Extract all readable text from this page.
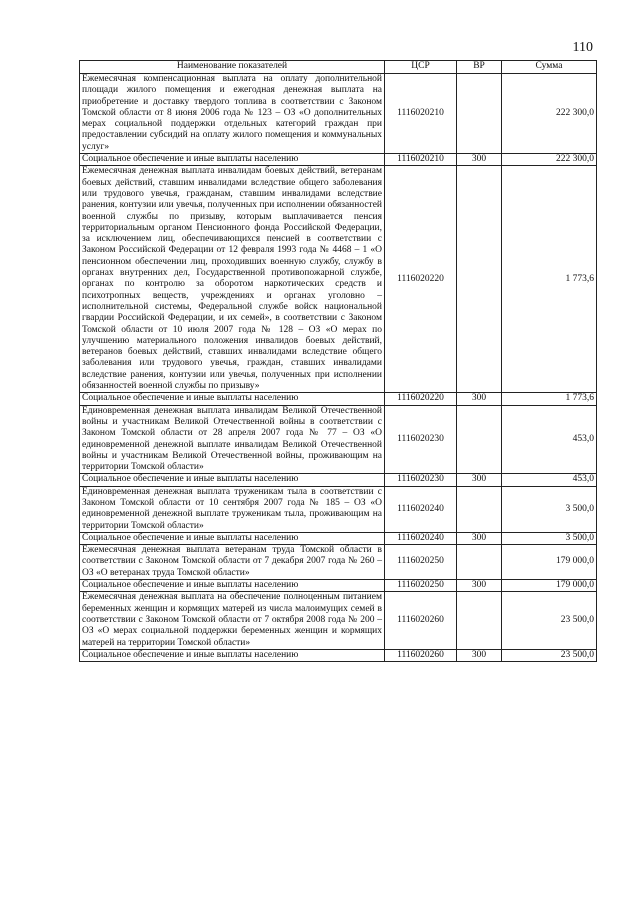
110
Наименование показателей	ЦСР	ВР	Сумма
Ежемесячная компенсационная выплата на оплату дополнительной площади жилого помещения и ежегодная денежная выплата на приобретение и доставку твердого топлива в соответствии с Законом Томской области от 8 июня 2006 года № 123 – ОЗ «О дополнительных мерах социальной поддержки отдельных категорий граждан при предоставлении субсидий на оплату жилого помещения и коммунальных услуг»	1116020210		222 300,0
Социальное обеспечение и иные выплаты населению	1116020210	300	222 300,0
Ежемесячная денежная выплата инвалидам боевых действий, ветеранам боевых действий, ставшим инвалидами вследствие общего заболевания или трудового увечья, гражданам, ставшим инвалидами вследствие ранения, контузии или увечья, полученных при исполнении обязанностей военной службы по призыву, которым выплачивается пенсия территориальным органом Пенсионного фонда Российской Федерации, за исключением лиц, обеспечивающихся пенсией в соответствии с Законом Российской Федерации от 12 февраля 1993 года № 4468 – 1 «О пенсионном обеспечении лиц, проходивших военную службу, службу в органах внутренних дел, Государственной противопожарной службе, органах по контролю за оборотом наркотических средств и психотропных веществ, учреждениях и органах уголовно – исполнительной системы, Федеральной службе войск национальной гвардии Российской Федерации, и их семей», в соответствии с Законом Томской области от 10 июля 2007 года № 128 – ОЗ «О мерах по улучшению материального положения инвалидов боевых действий, ветеранов боевых действий, ставших инвалидами вследствие общего заболевания или трудового увечья, граждан, ставших инвалидами вследствие ранения, контузии или увечья, полученных при исполнении обязанностей военной службы по призыву»	1116020220		1 773,6
Социальное обеспечение и иные выплаты населению	1116020220	300	1 773,6
Единовременная денежная выплата инвалидам Великой Отечественной войны и участникам Великой Отечественной войны в соответствии с Законом Томской области от 28 апреля 2007 года № 77 – ОЗ «О единовременной денежной выплате инвалидам Великой Отечественной войны и участникам Великой Отечественной войны, проживающим на территории Томской области»	1116020230		453,0
Социальное обеспечение и иные выплаты населению	1116020230	300	453,0
Единовременная денежная выплата труженикам тыла в соответствии с Законом Томской области от 10 сентября 2007 года № 185 – ОЗ «О единовременной денежной выплате труженикам тыла, проживающим на территории Томской области»	1116020240		3 500,0
Социальное обеспечение и иные выплаты населению	1116020240	300	3 500,0
Ежемесячная денежная выплата ветеранам труда Томской области в соответствии с Законом Томской области от 7 декабря 2007 года № 260 – ОЗ «О ветеранах труда Томской области»	1116020250		179 000,0
Социальное обеспечение и иные выплаты населению	1116020250	300	179 000,0
Ежемесячная денежная выплата на обеспечение полноценным питанием беременных женщин и кормящих матерей из числа малоимущих семей в соответствии с Законом Томской области от 7 октября 2008 года № 200 – ОЗ «О мерах социальной поддержки беременных женщин и кормящих матерей на территории Томской области»	1116020260		23 500,0
Социальное обеспечение и иные выплаты населению	1116020260	300	23 500,0
